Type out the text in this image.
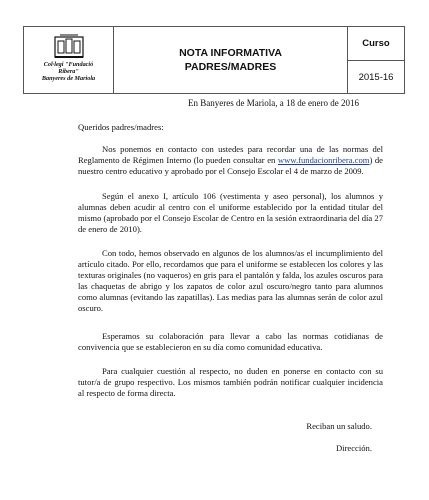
Col·legi "Fundació
Ribera"
Banyeres de Mariola
NOTA INFORMATIVA
PADRES/MADRES
Curso
2015-16
En Banyeres de Mariola, a 18 de enero de 2016
Queridos padres/madres:
Nos ponemos en contacto con ustedes para recordar una de las normas del Reglamento de Régimen Interno (lo pueden consultar en www.fundacionribera.com) de nuestro centro educativo y aprobado por el Consejo Escolar el 4 de marzo de 2009.
Según el anexo I, artículo 106 (vestimenta y aseo personal), los alumnos y alumnas deben acudir al centro con el uniforme establecido por la entidad titular del mismo (aprobado por el Consejo Escolar de Centro en la sesión extraordinaria del día 27 de enero de 2010).
Con todo, hemos observado en algunos de los alumnos/as el incumplimiento del artículo citado. Por ello, recordamos que para el uniforme se establecen los colores y las texturas originales (no vaqueros) en gris para el pantalón y falda, los azules oscuros para las chaquetas de abrigo y los zapatos de color azul oscuro/negro tanto para alumnos como alumnas (evitando las zapatillas). Las medias para las alumnas serán de color azul oscuro.
Esperamos su colaboración para llevar a cabo las normas cotidianas de convivencia que se establecieron en su día como comunidad educativa.
Para cualquier cuestión al respecto, no duden en ponerse en contacto con su tutor/a de grupo respectivo. Los mismos también podrán notificar cualquier incidencia al respecto de forma directa.
Reciban un saludo.
Dirección.
